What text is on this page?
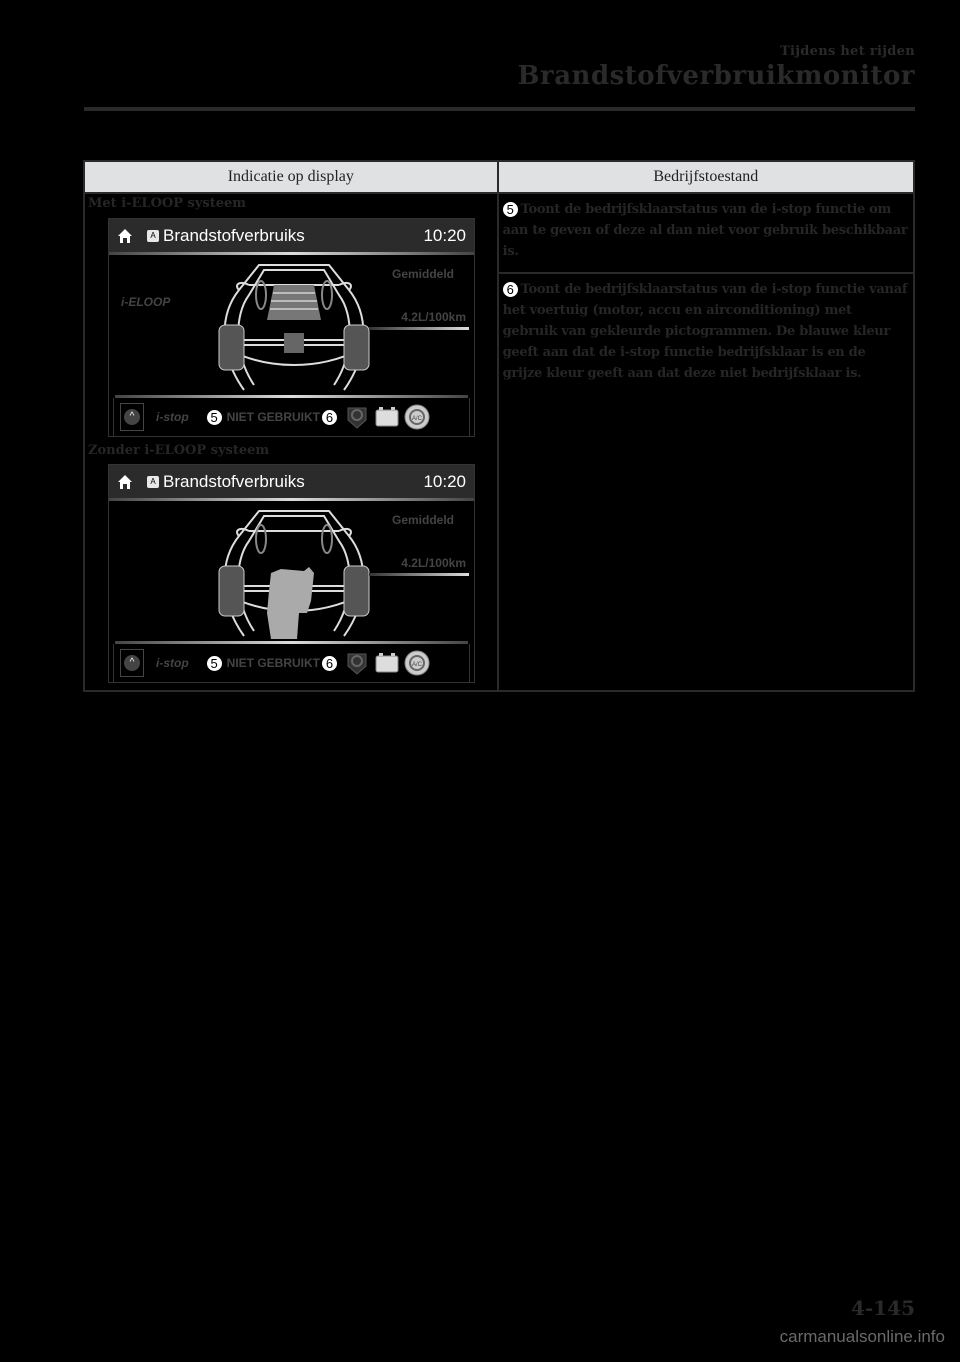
Tijdens het rijden
Brandstofverbruikmonitor
Indicatie op display	Bedrijfstoestand

Met i-ELOOP systeem
A Brandstofverbruiks	10:20
i-ELOOP
Gemiddeld
4.2L/100km
^	i-stop 5 NIET GEBRUIKT 6	A/C
Zonder i-ELOOP systeem
A Brandstofverbruiks	10:20
Gemiddeld
4.2L/100km
^	i-stop 5 NIET GEBRUIKT 6	A/C

5 Toont de bedrijfsklaarstatus van de i-stop functie om aan te geven of deze al dan niet voor gebruik beschikbaar is.

	6 Toont de bedrijfsklaarstatus van de i-stop functie vanaf het voertuig (motor, accu en airconditioning) met gebruik van gekleurde pictogrammen. De blauwe kleur geeft aan dat de i-stop functie bedrijfsklaar is en de grijze kleur geeft aan dat deze niet bedrijfsklaar is.
4-145
carmanualsonline.info
